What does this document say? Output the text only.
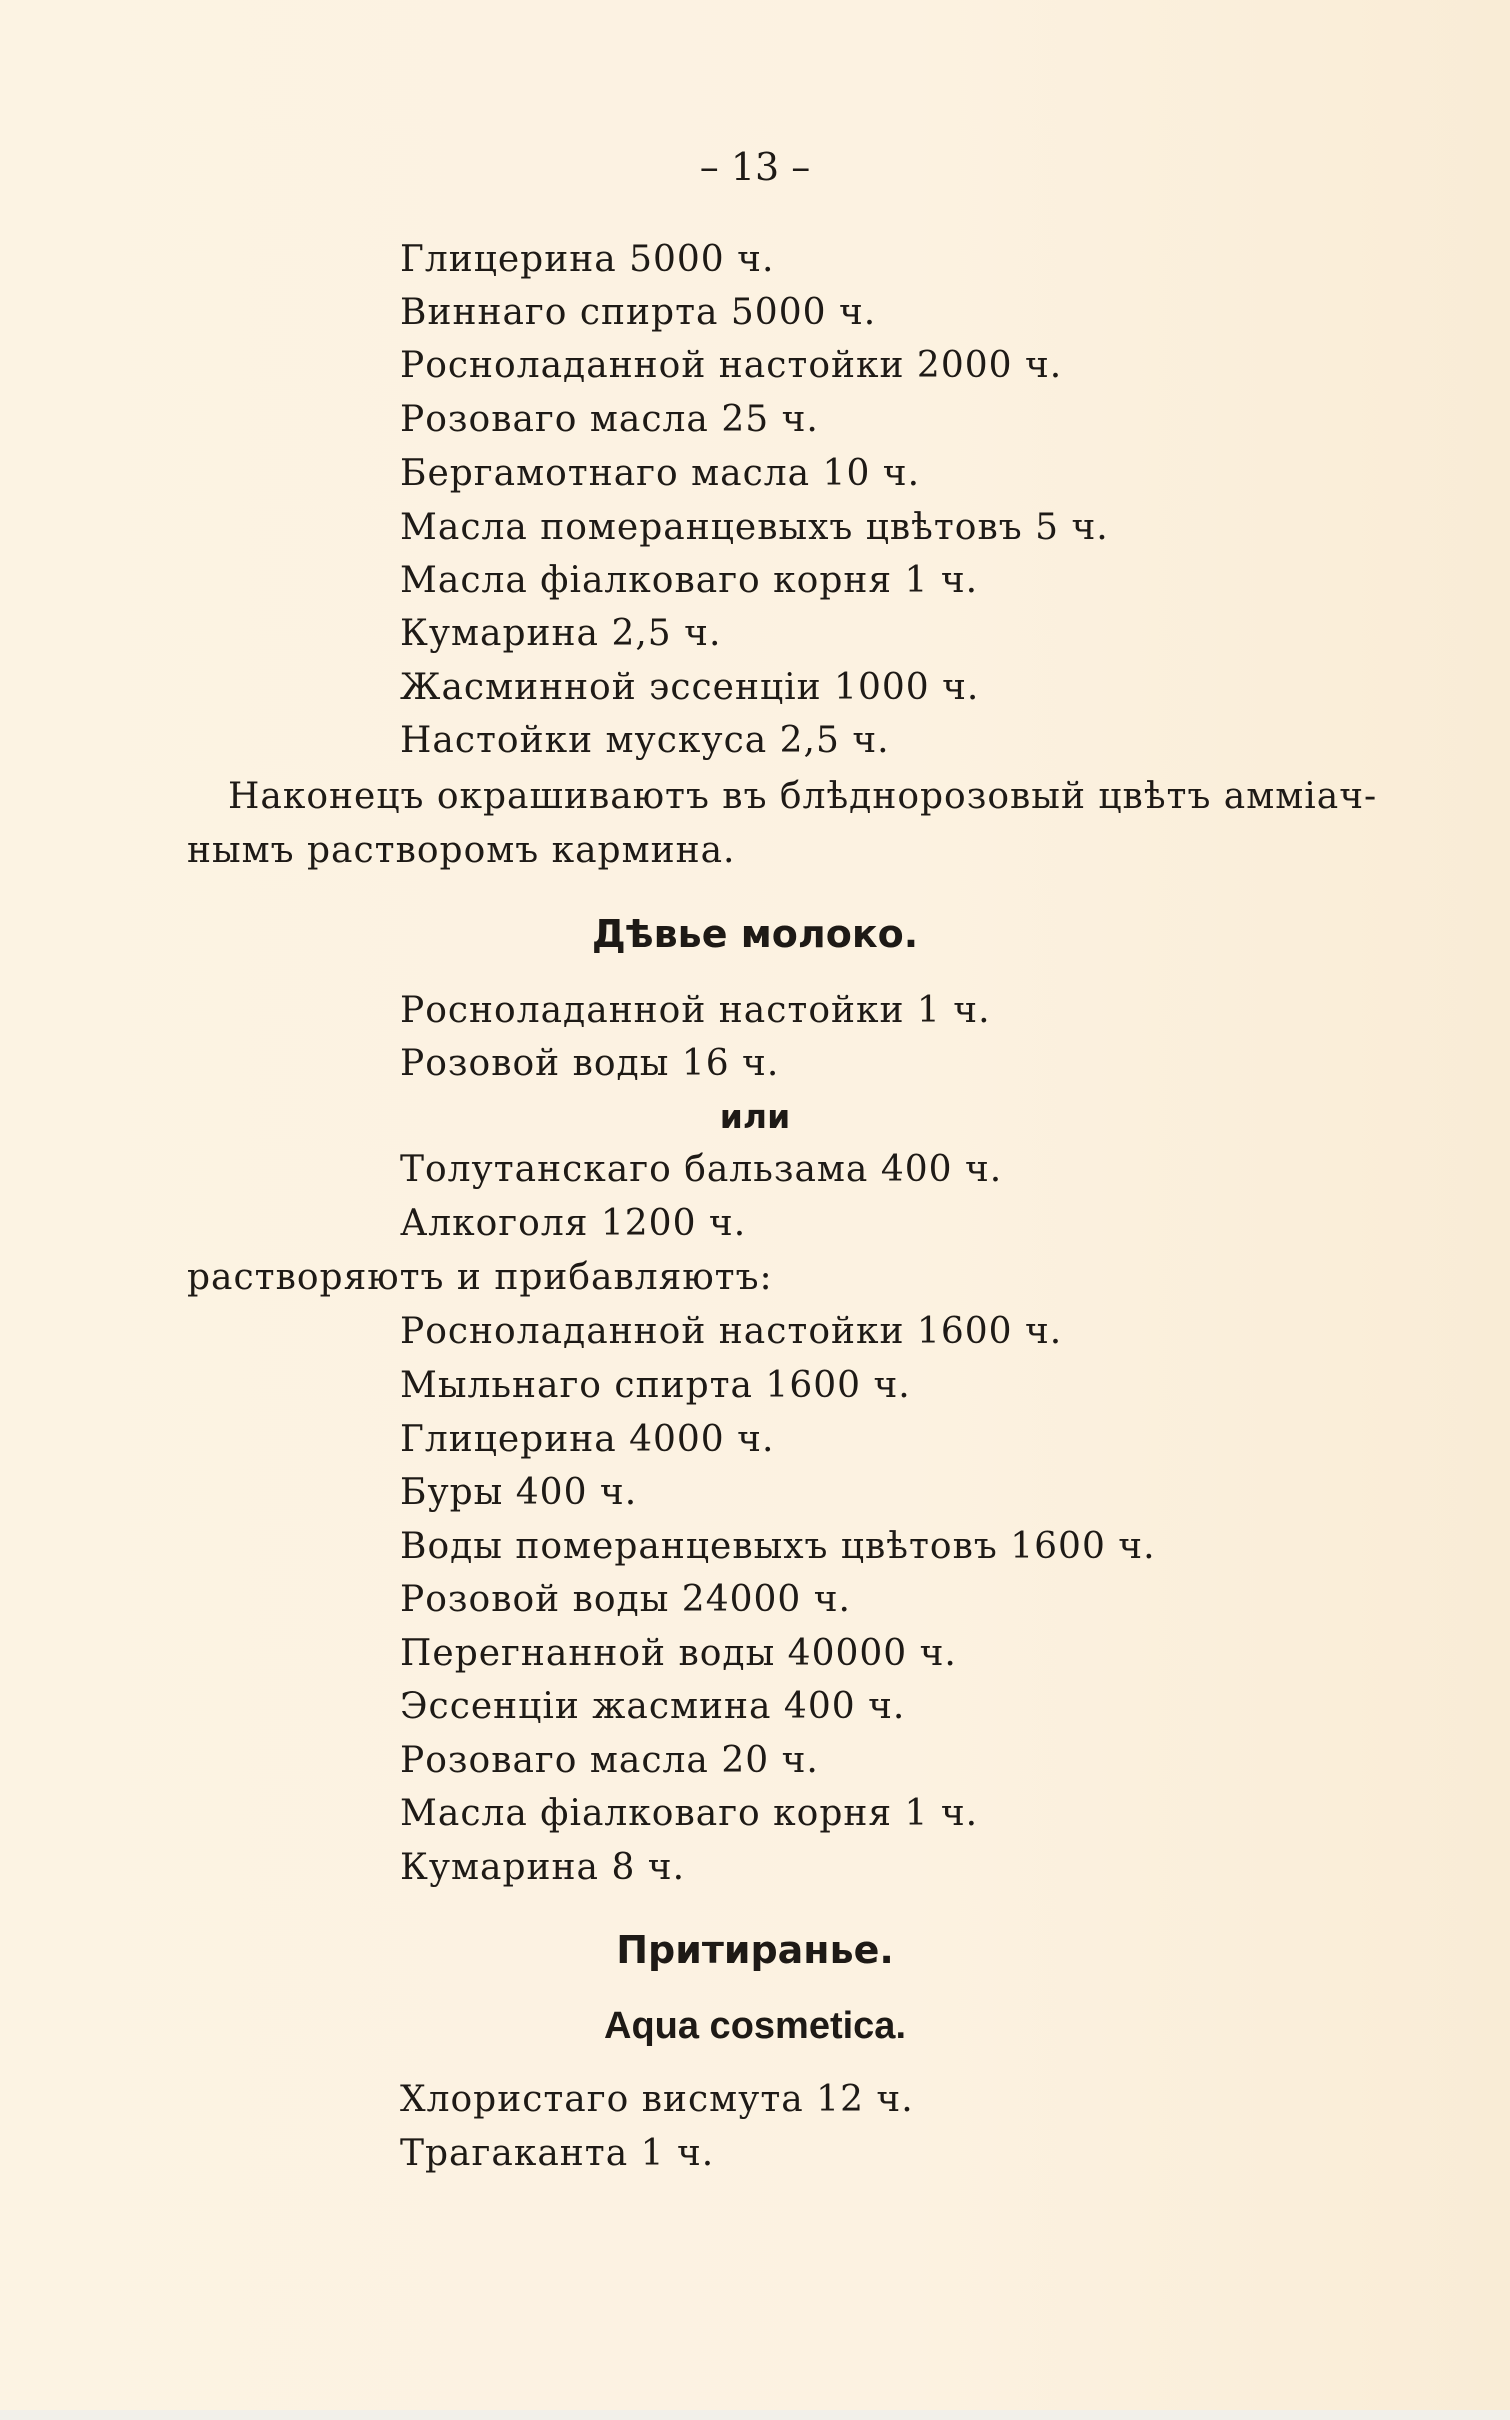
– 13 –
Глицерина 5000 ч.
Виннаго спирта 5000 ч.
Росноладанной настойки 2000 ч.
Розоваго масла 25 ч.
Бергамотнаго масла 10 ч.
Масла померанцевыхъ цвѣтовъ 5 ч.
Масла фіалковаго корня 1 ч.
Кумарина 2,5 ч.
Жасминной эссенціи 1000 ч.
Настойки мускуса 2,5 ч.
Наконецъ окрашиваютъ въ блѣднорозовый цвѣтъ аммiач-
нымъ растворомъ кармина.
Дѣвье молоко.
Росноладанной настойки 1 ч.
Розовой воды 16 ч.
или
Толутанскаго бальзама 400 ч.
Алкоголя 1200 ч.
растворяютъ и прибавляютъ:
Росноладанной настойки 1600 ч.
Мыльнаго спирта 1600 ч.
Глицерина 4000 ч.
Буры 400 ч.
Воды померанцевыхъ цвѣтовъ 1600 ч.
Розовой воды 24000 ч.
Перегнанной воды 40000 ч.
Эссенціи жасмина 400 ч.
Розоваго масла 20 ч.
Масла фіалковаго корня 1 ч.
Кумарина 8 ч.
Притиранье.
Aqua cosmetica.
Хлористаго висмута 12 ч.
Трагаканта 1 ч.
